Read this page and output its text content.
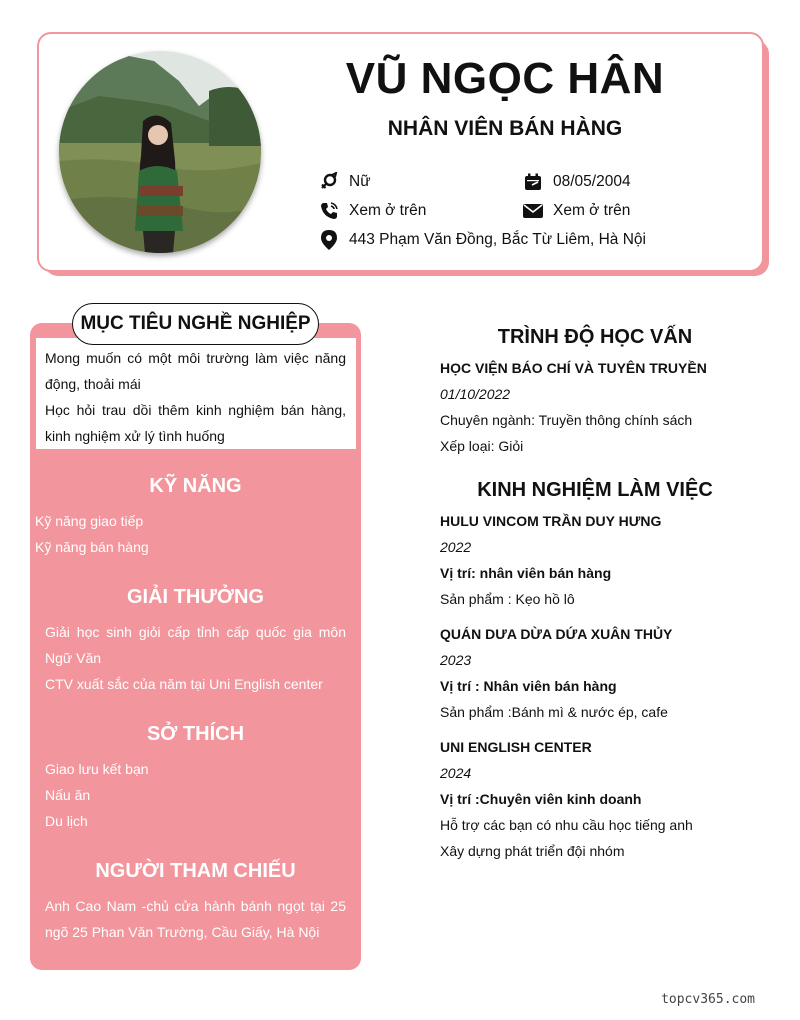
VŨ NGỌC HÂN
NHÂN VIÊN BÁN HÀNG
Nữ	08/05/2004
Xem ở trên	Xem ở trên
443 Phạm Văn Đồng, Bắc Từ Liêm, Hà Nội
MỤC TIÊU NGHỀ NGHIỆP
Mong muốn có một môi trường làm việc năng động, thoải mái
Học hỏi trau dồi thêm kinh nghiệm bán hàng, kinh nghiệm xử lý tình huống
KỸ NĂNG
Kỹ năng giao tiếp
Kỹ năng bán hàng
GIẢI THƯỞNG
Giải học sinh giỏi cấp tỉnh cấp quốc gia môn Ngữ Văn
CTV xuất sắc của năm tại Uni English center
SỞ THÍCH
Giao lưu kết bạn
Nấu ăn
Du lịch
NGƯỜI THAM CHIẾU
Anh Cao Nam -chủ cửa hành bánh ngọt tại 25 ngõ 25 Phan Văn Trường, Cầu Giấy, Hà Nội
TRÌNH ĐỘ HỌC VẤN
HỌC VIỆN BÁO CHÍ VÀ TUYÊN TRUYỀN
01/10/2022
Chuyên ngành: Truyền thông chính sách
Xếp loại: Giỏi
KINH NGHIỆM LÀM VIỆC
HULU VINCOM TRẦN DUY HƯNG
2022
Vị trí: nhân viên bán hàng
Sản phẩm : Kẹo hồ lô
QUÁN DƯA DỪA DỨA XUÂN THỦY
2023
Vị trí : Nhân viên bán hàng
Sản phẩm :Bánh mì & nước ép, cafe
UNI ENGLISH CENTER
2024
Vị trí :Chuyên viên kinh doanh
Hỗ trợ các bạn có nhu cầu học tiếng anh
Xây dựng phát triển đội nhóm
topcv365.com
